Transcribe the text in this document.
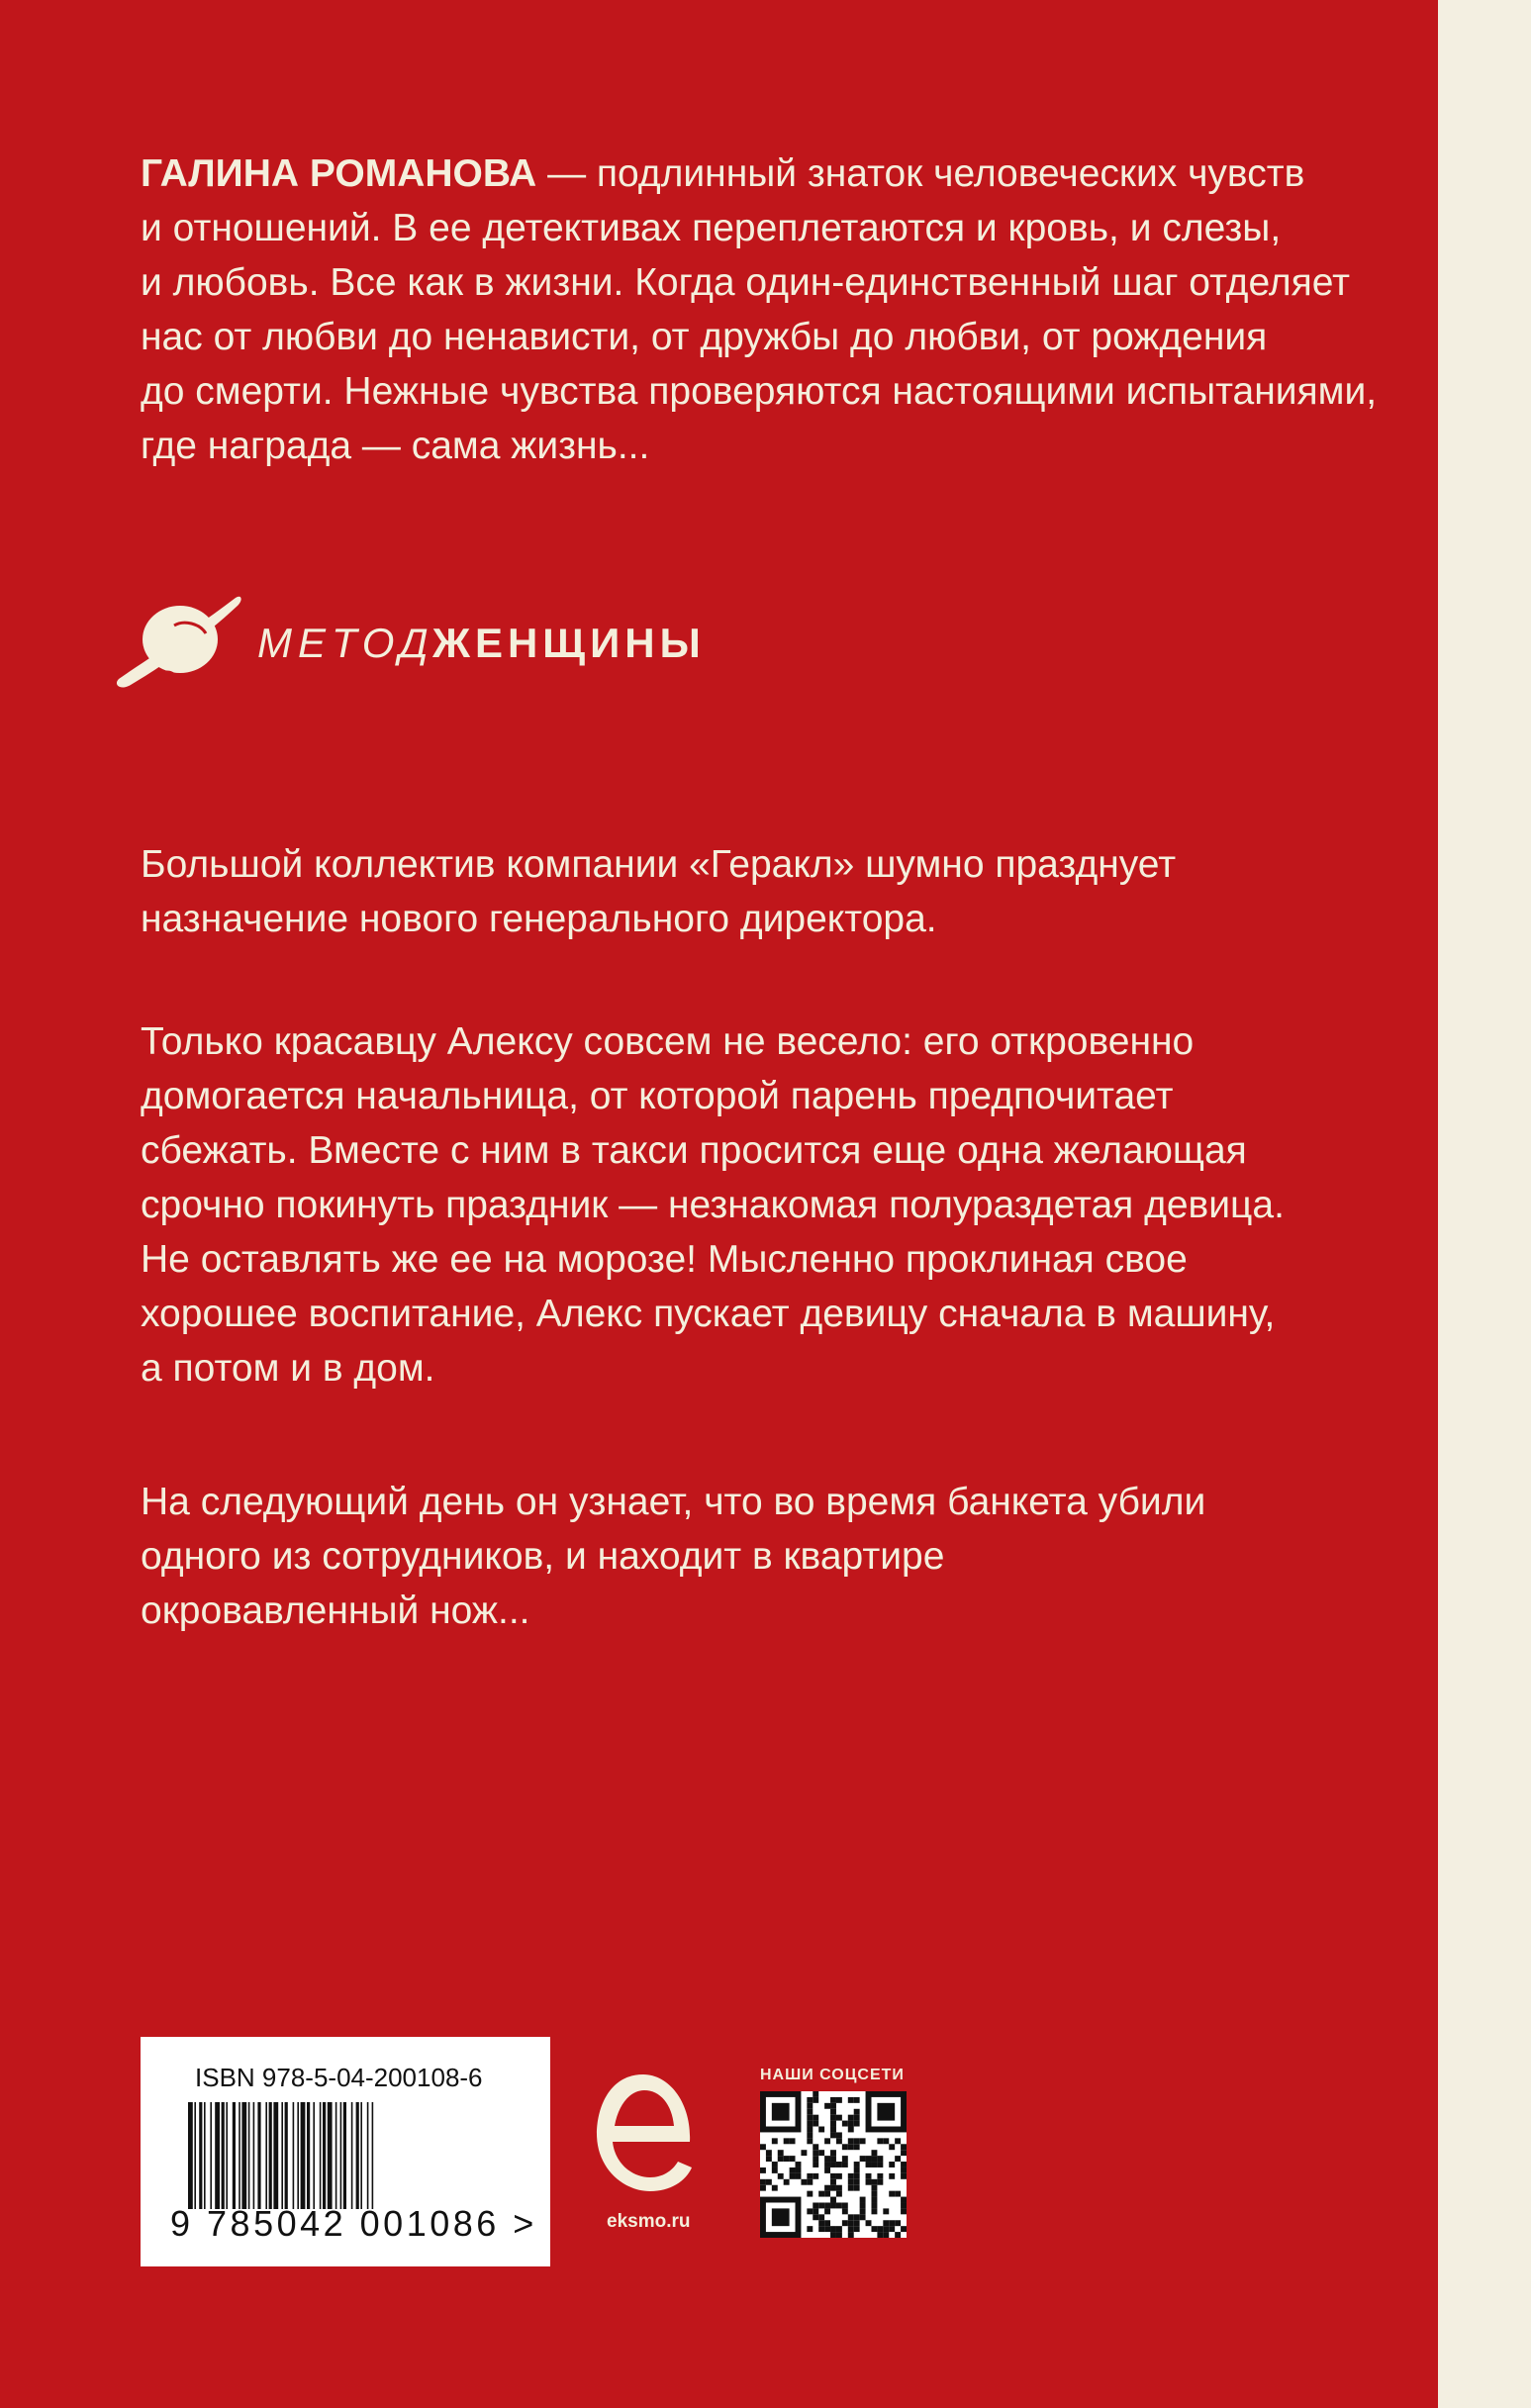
ГАЛИНА РОМАНОВА — подлинный знаток человеческих чувств
и отношений. В ее детективах переплетаются и кровь, и слезы,
и любовь. Все как в жизни. Когда один-единственный шаг отделяет
нас от любви до ненависти, от дружбы до любви, от рождения
до смерти. Нежные чувства проверяются настоящими испытаниями,
где награда — сама жизнь...

МЕТОД
ЖЕНЩИНЫ

Большой коллектив компании «Геракл» шумно празднует
назначение нового генерального директора.

Только красавцу Алексу совсем не весело: его откровенно
домогается начальница, от которой парень предпочитает
сбежать. Вместе с ним в такси просится еще одна желающая
срочно покинуть праздник — незнакомая полураздетая девица.
Не оставлять же ее на морозе! Мысленно проклиная свое
хорошее воспитание, Алекс пускает девицу сначала в машину,
а потом и в дом.

На следующий день он узнает, что во время банкета убили
одного из сотрудников, и находит в квартире
окровавленный нож...

ISBN 978-5-04-200108-6
9 785042 001086 >	eksmo.ru
НАШИ СОЦСЕТИ
